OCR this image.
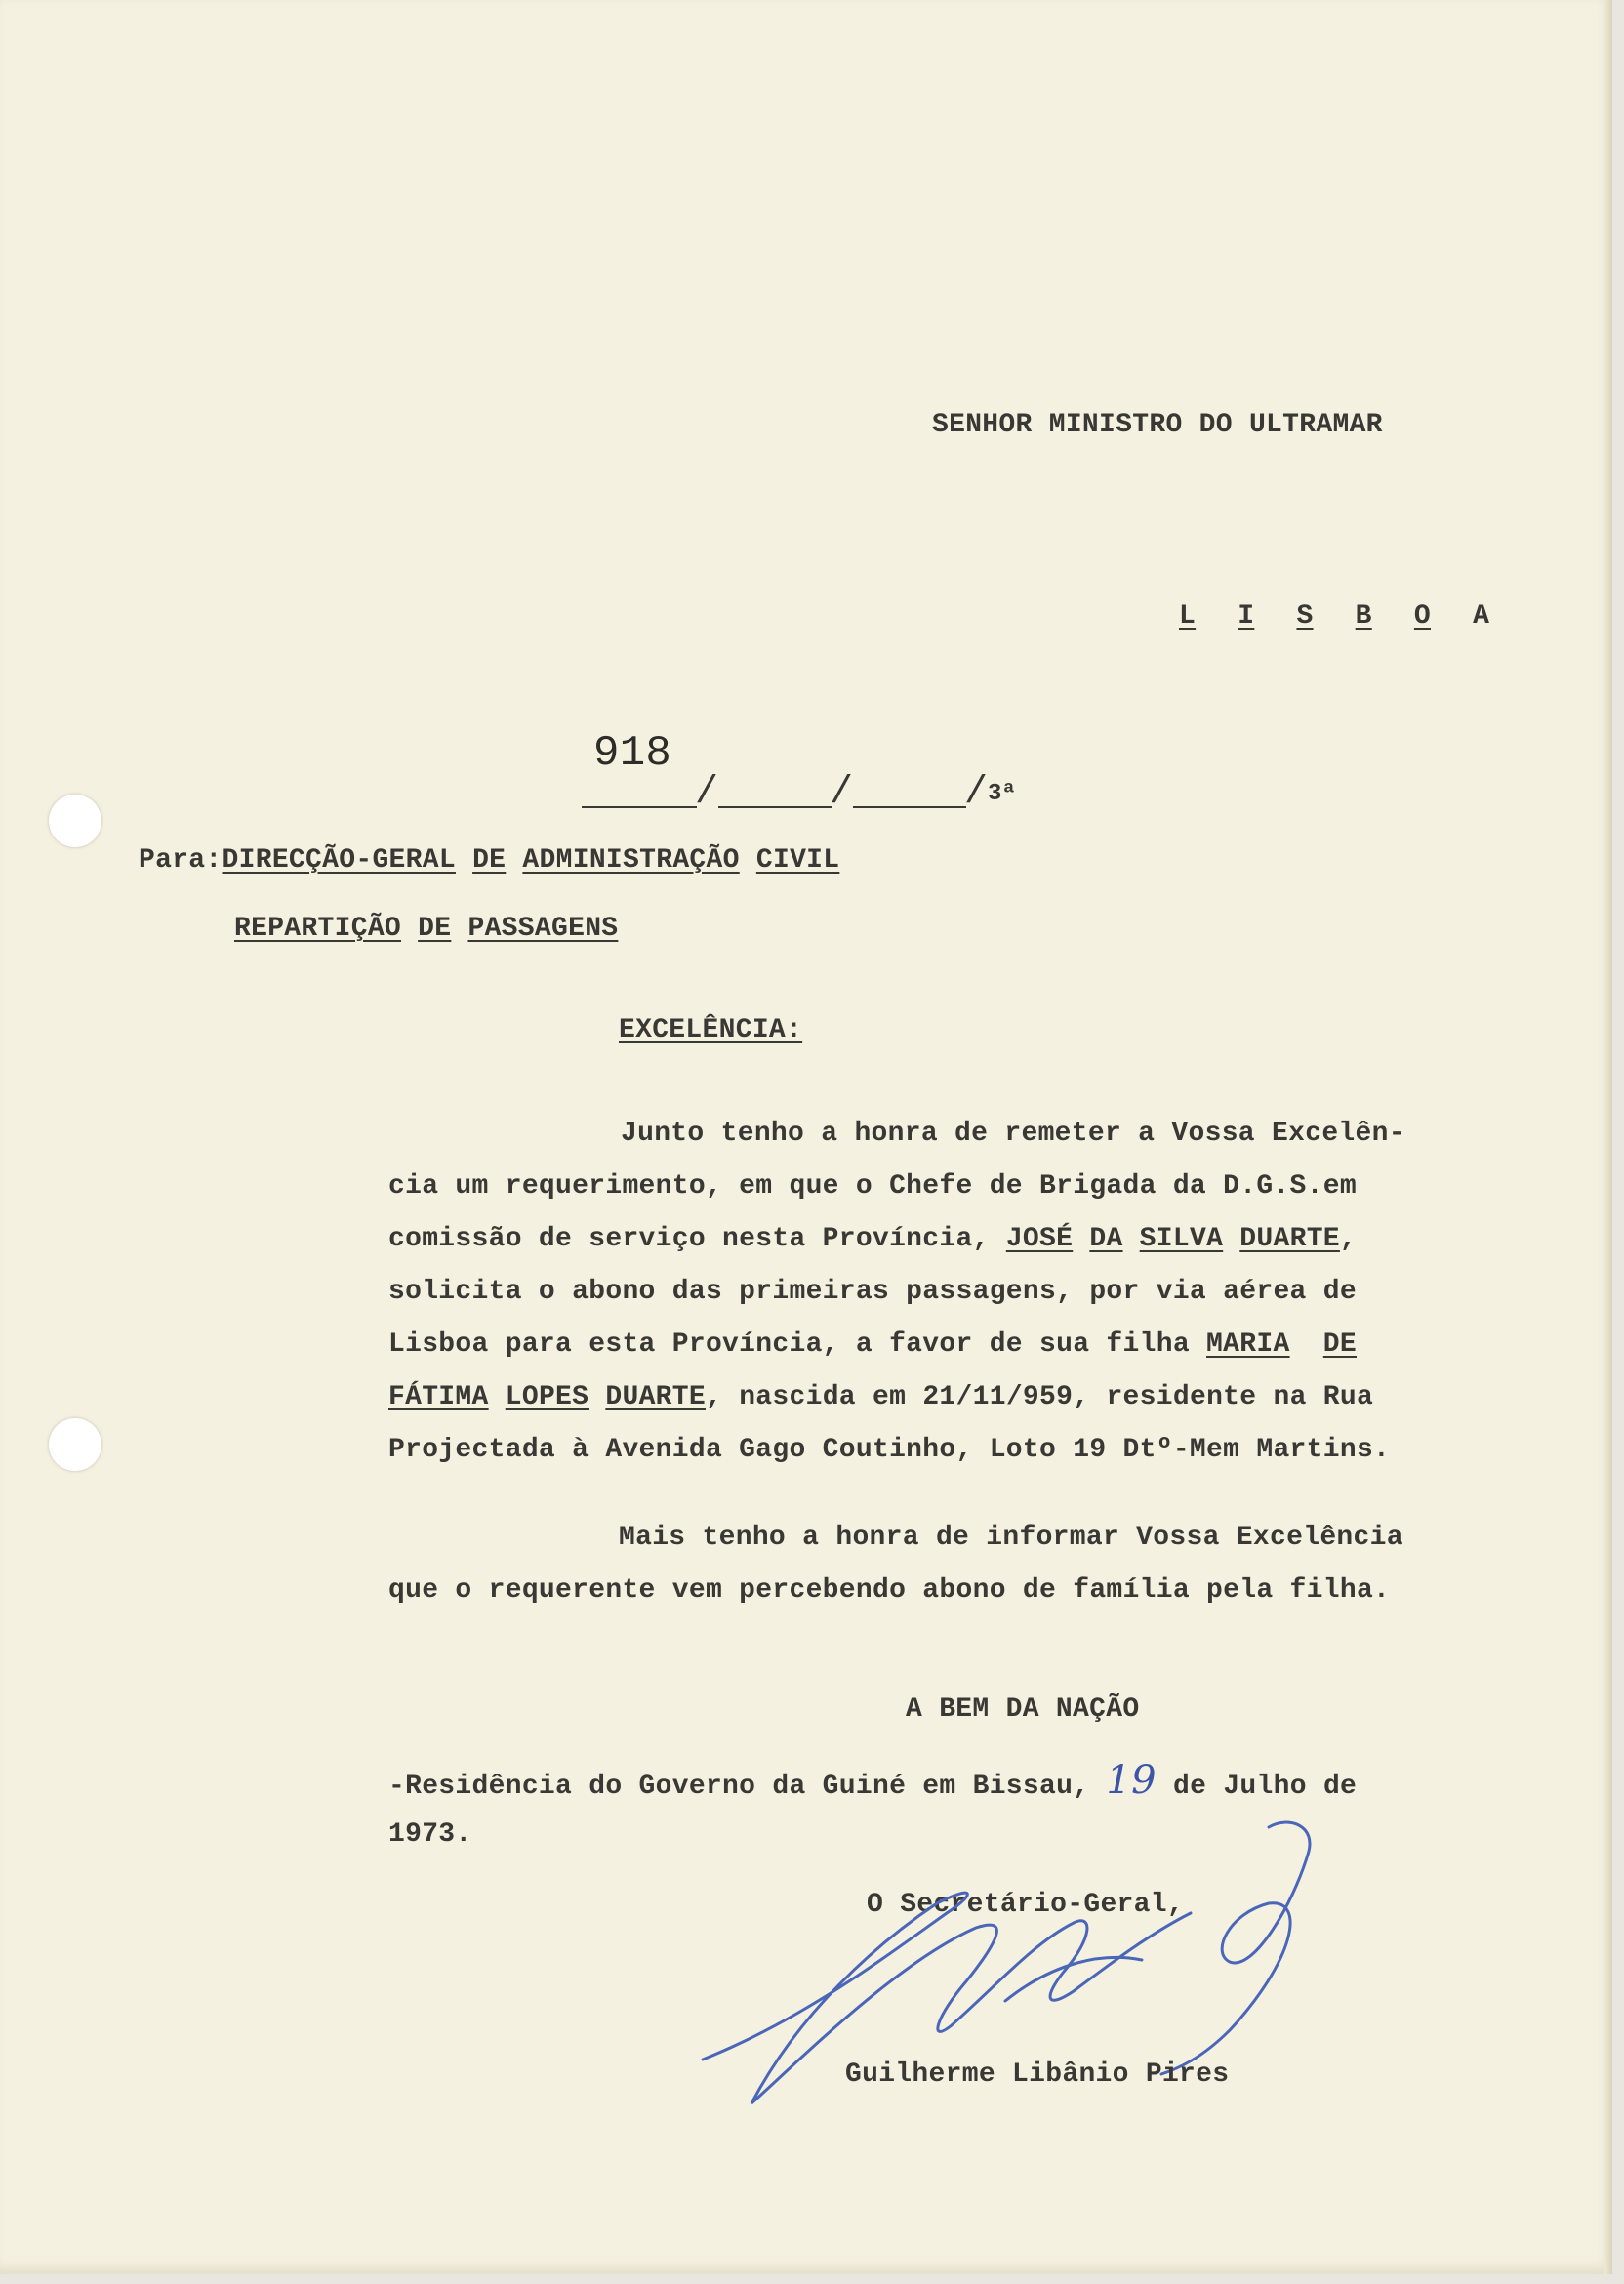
SENHOR MINISTRO DO ULTRAMAR

L I S B O A

918

/	/	/ 3ª

Para:DIRECÇÃO-GERAL DE ADMINISTRAÇÃO CIVIL

REPARTIÇÃO DE PASSAGENS

EXCELÊNCIA:

Junto tenho a honra de remeter a Vossa Excelên-

cia um requerimento, em que o Chefe de Brigada da D.G.S.em

comissão de serviço nesta Província, JOSÉ DA SILVA DUARTE,

solicita o abono das primeiras passagens, por via aérea de

Lisboa para esta Província, a favor de sua filha MARIA DE

FÁTIMA LOPES DUARTE, nascida em 21/11/959, residente na Rua

Projectada à Avenida Gago Coutinho, Loto 19 Dtº-Mem Martins.

Mais tenho a honra de informar Vossa Excelência

que o requerente vem percebendo abono de família pela filha.

A BEM DA NAÇÃO

-Residência do Governo da Guiné em Bissau, 19 de Julho de

1973.

O Secretário-Geral,

Guilherme Libânio Pires
